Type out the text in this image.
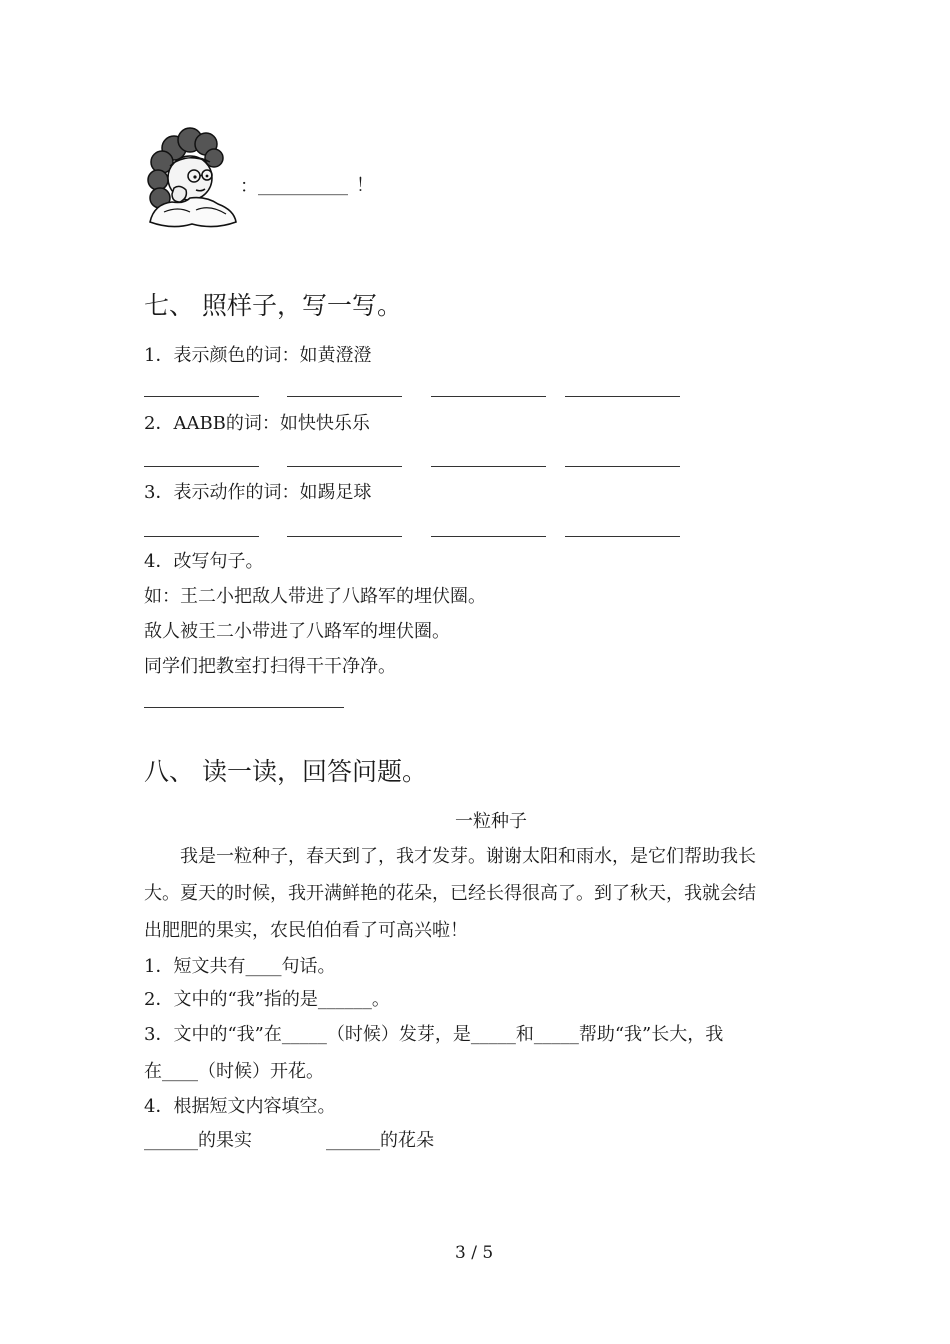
： __________ ！
七、 照样子，写一写。
1．表示颜色的词：如黄澄澄
2．AABB的词：如快快乐乐
3．表示动作的词：如踢足球
4．改写句子。
如：王二小把敌人带进了八路军的埋伏圈。
敌人被王二小带进了八路军的埋伏圈。
同学们把教室打扫得干干净净。
八、 读一读，回答问题。
一粒种子
我是一粒种子，春天到了，我才发芽。谢谢太阳和雨水，是它们帮助我长
大。夏天的时候，我开满鲜艳的花朵，已经长得很高了。到了秋天，我就会结
出肥肥的果实，农民伯伯看了可高兴啦！
1．短文共有____句话。
2．文中的“我”指的是______。
3．文中的“我”在_____（时候）发芽，是_____和_____帮助“我”长大，我
在____（时候）开花。
4．根据短文内容填空。
______的果实	______的花朵
3 / 5
